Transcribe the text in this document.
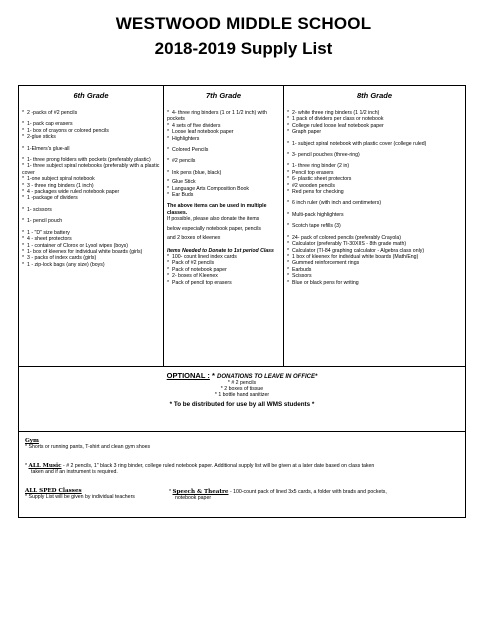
WESTWOOD MIDDLE SCHOOL
2018-2019 Supply List
6th Grade
* 2 -packs of #2 pencils
* 1- pack cap erasers
* 1- box of crayons or colored pencils
* 2-glue sticks
* 1-Elmers's glue-all
* 1- three prong folders with pockets (preferably plastic)
* 1- three subject spiral notebooks (preferably with a plastic cover
* 1-one subject spiral notebook
* 3 - three ring binders (1 inch)
* 4 - packages wide ruled notebook paper
* 1 -package of dividers
* 1- scissors
* 1- pencil pouch
* 1 - "D" size battery
* 4 - sheet protectors
* 1 - container of Clorox or Lysol wipes (boys)
* 1- box of kleenex for individual white boards (girls)
* 3 - packs of index cards (girls)
* 1 - zip-lock bags (any size) (boys)
7th Grade
* 4- three ring binders (1 or 1 1/2 inch) with pockets
* 4 sets of five dividers
* Loose leaf notebook paper
* Highlighters
* Colored Pencils
* #2 pencils
* Ink pens (blue, black)
* Glue Stick
* Language Arts Composition Book
* Ear Buds
The above items can be used in multiple classes.
If possible, please also donate the items
below especially notebook paper, pencils
and 2 boxes of kleenex
Items Needed to Donate to 1st period Class
* 100- count lined index cards
* Pack of #2 pencils
* Pack of notebook paper
* 2- boxes of Kleenex
* Pack of pencil top erasers
8th Grade
* 2- white three ring binders (1 1/2 inch)
* 1 pack of dividers per class or notebook
* College ruled loose leaf notebook paper
* Graph paper
* 1- subject spiral notebook with plastic cover (college ruled)
* 3- pencil pouches (three-ring)
* 1- three ring binder (2 in)
* Pencil top erasers
* 6- plastic sheet protectors
* #2 wooden pencils
* Red pens for checking
* 6 inch ruler (with inch and centimeters)
* Multi-pack highlighters
* Scotch tape refills (3)
* 24- pack of colored pencils (preferably Crayola)
* Calculator (preferably TI-30XIIS - 8th grade math)
* Calculator (TI-84 graphing calculator - Algebra class only)
* 1 box of kleenex for individual white boards (Math/Eng)
* Gummed reinforcement rings
* Earbuds
* Scissors
* Blue or black pens for writing
OPTIONAL : * DONATIONS TO LEAVE IN OFFICE*
* # 2 pencils
* 2 boxes of tissue
* 1 bottle hand sanitizer
* To be distributed for use by all WMS students *
Gym
* Shorts or running pants, T-shirt and clean gym shoes
* ALL Music - # 2 pencils, 1" black 3 ring binder, college ruled notebook paper. Additional supply list will be given at a later date based on class taken
taken and if an instrument is required.
ALL SPED Classes
* Supply List will be given by individual teachers
* Speech & Theatre - 100-count pack of lined 3x5 cards, a folder with brads and pockets,
notebook paper
